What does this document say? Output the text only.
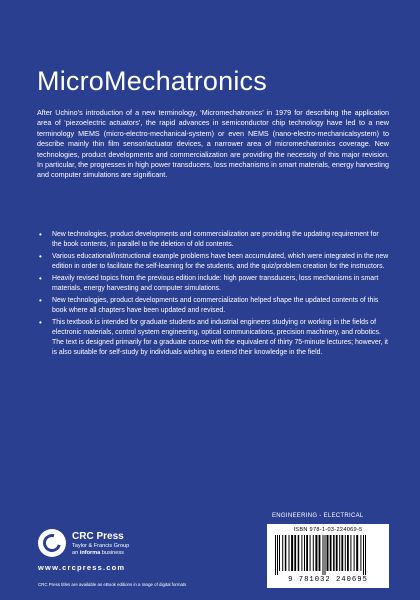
MicroMechatronics

After Uchino’s introduction of a new terminology, ‘Micromechatronics’ in 1979 for describing the application area of ‘piezoelectric actuators’, the rapid advances in semiconductor chip technology have led to a new terminology MEMS (micro-electro-mechanical-system) or even NEMS (nano-electro-mechanicalsystem) to describe mainly thin film sensor/actuator devices, a narrower area of micromechatronics coverage. New technologies, product developments and commercialization are providing the necessity of this major revision. In particular, the progresses in high power transducers, loss mechanisms in smart materials, energy harvesting and computer simulations are significant.

• New technologies, product developments and commercialization are providing the updating requirement for the book contents, in parallel to the deletion of old contents.
• Various educational/instructional example problems have been accumulated, which were integrated in the new edition in order to facilitate the self-learning for the students, and the quiz/problem creation for the instructors.
• Heavily revised topics from the previous edition include: high power transducers, loss mechanisms in smart materials, energy harvesting and computer simulations.
• New technologies, product developments and commercialization helped shape the updated contents of this book where all chapters have been updated and revised.
• This textbook is intended for graduate students and industrial engineers studying or working in the fields of electronic materials, control system engineering, optical communications, precision machinery, and robotics. The text is designed primarily for a graduate course with the equivalent of thirty 75-minute lectures; however, it is also suitable for self-study by individuals wishing to extend their knowledge in the field.

ENGINEERING - ELECTRICAL

CRC Press

Taylor & Francis Group

an informa business

www.crcpress.com

CRC Press titles are available as eBook editions in a range of digital formats

ISBN 978-1-03-224069-5

9 781032 240695
